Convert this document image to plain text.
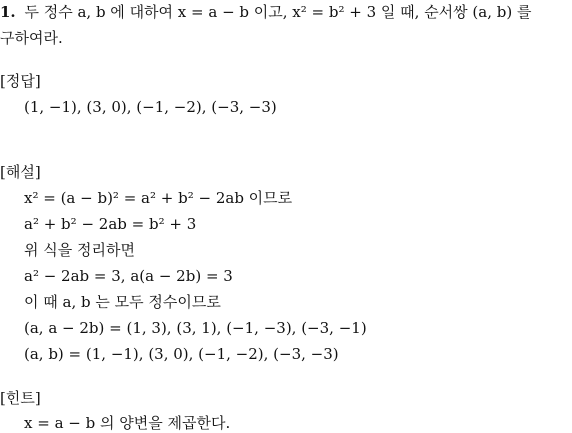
1. 두 정수 a, b 에 대하여 x = a − b 이고, x² = b² + 3 일 때, 순서쌍 (a, b) 를
구하여라.
[정답]
(1, −1), (3, 0), (−1, −2), (−3, −3)
[해설]
x² = (a − b)² = a² + b² − 2ab 이므로
a² + b² − 2ab = b² + 3
위 식을 정리하면
a² − 2ab = 3, a(a − 2b) = 3
이 때 a, b 는 모두 정수이므로
(a, a − 2b) = (1, 3), (3, 1), (−1, −3), (−3, −1)
(a, b) = (1, −1), (3, 0), (−1, −2), (−3, −3)
[힌트]
x = a − b 의 양변을 제곱한다.
